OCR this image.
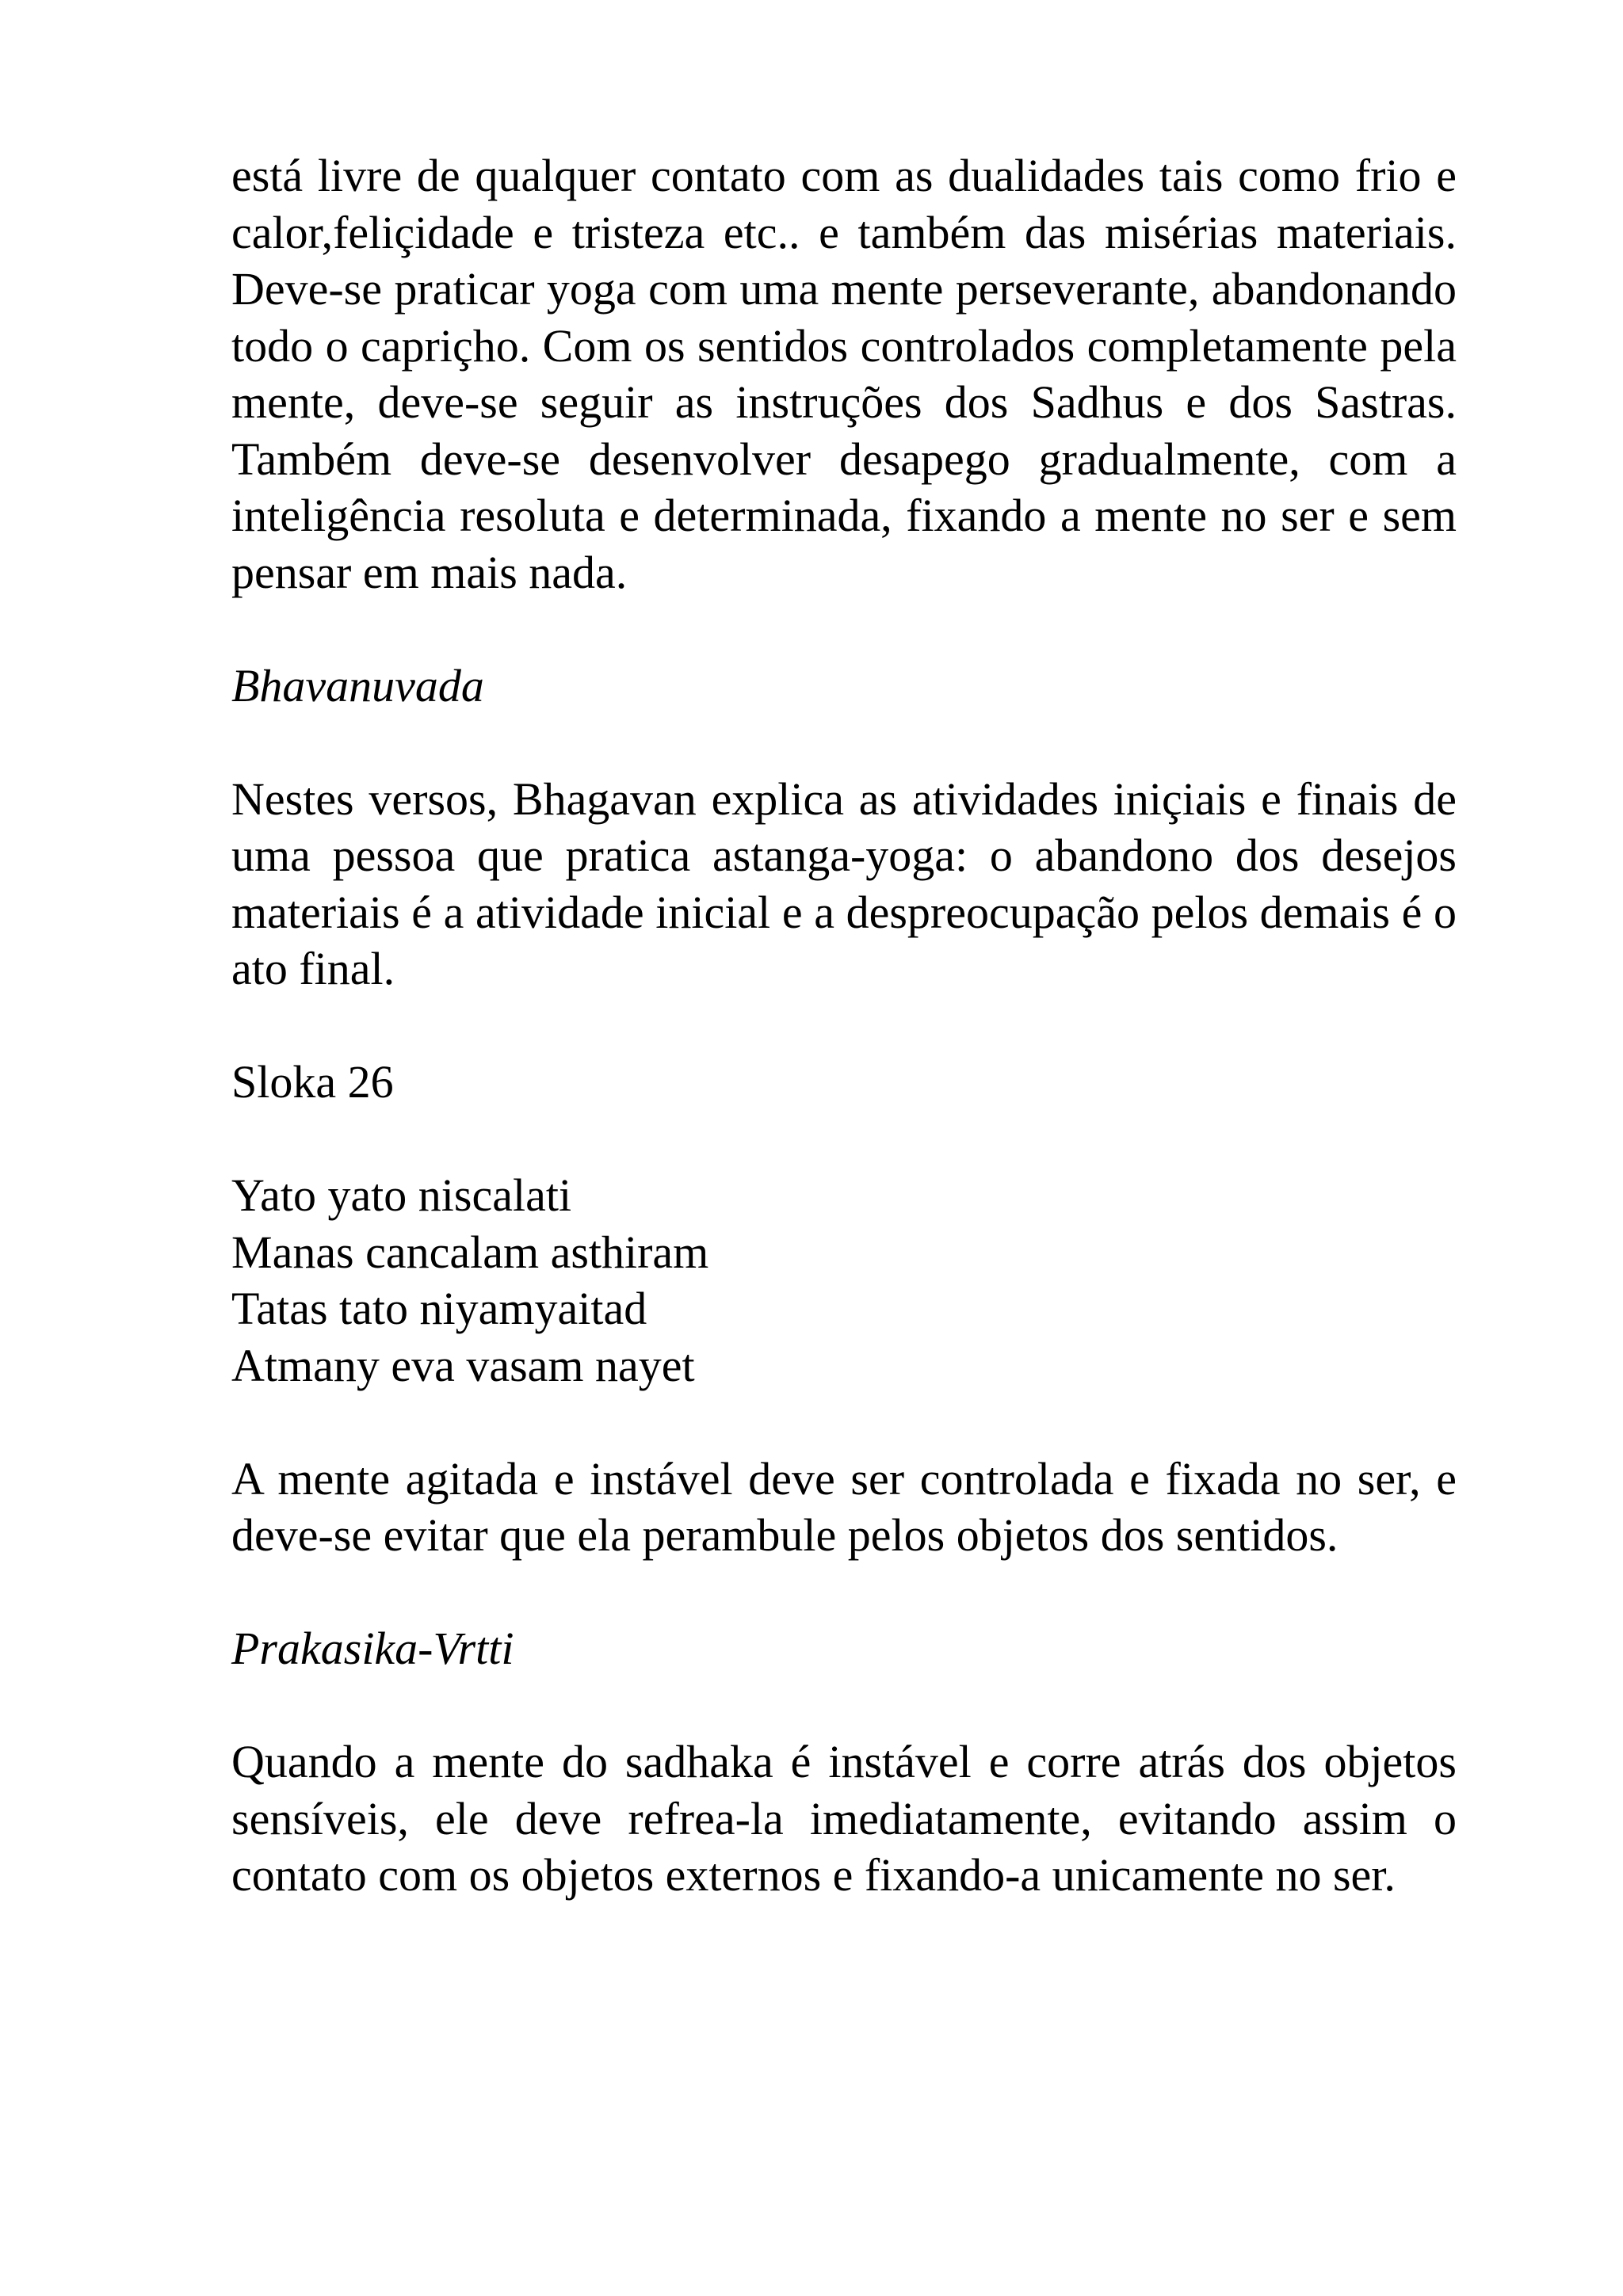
está livre de qualquer contato com as dualidades tais como frio e calor,feliçidade e tristeza etc.. e também das misérias materiais. Deve-se praticar yoga com uma mente perseverante, abandonando todo o capriçho. Com os sentidos controlados completamente pela mente, deve-se seguir as instruções dos Sadhus e dos Sastras. Também deve-se desenvolver desapego gradualmente, com a inteligência resoluta e determinada, fixando a mente no ser e sem pensar em mais nada.

Bhavanuvada

Nestes versos, Bhagavan explica as atividades iniçiais e finais de uma pessoa que pratica astanga-yoga: o abandono dos desejos materiais é a atividade inicial e a despreocupação pelos demais é o ato final.

Sloka 26

Yato yato niscalati
Manas cancalam asthiram
Tatas tato niyamyaitad
Atmany eva vasam nayet

A mente agitada e instável deve ser controlada e fixada no ser, e deve-se evitar que ela perambule pelos objetos dos sentidos.

Prakasika-Vrtti

Quando a mente do sadhaka é instável e corre atrás dos objetos sensíveis, ele deve refrea-la imediatamente, evitando assim o contato com os objetos externos e fixando-a unicamente no ser.
